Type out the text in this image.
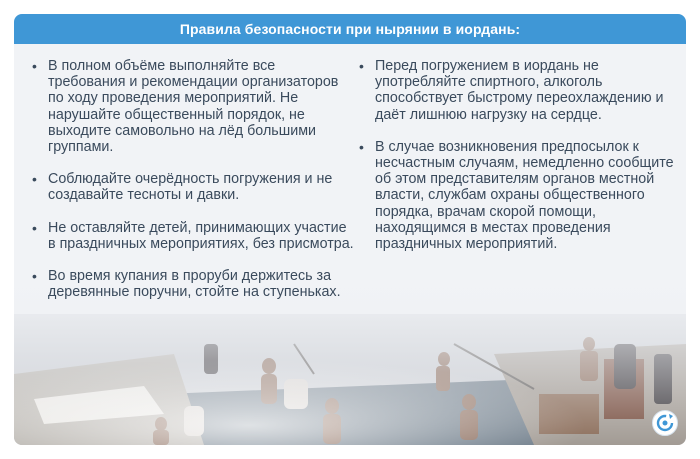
Правила безопасности при нырянии в иордань:
• В полном объёме выполняйте все требования и рекомендации организаторов по ходу проведения мероприятий. Не нарушайте общественный порядок, не выходите самовольно на лёд большими группами.
• Соблюдайте очерёдность погружения и не создавайте тесноты и давки.
• Не оставляйте детей, принимающих участие в праздничных мероприятиях, без присмотра.
• Во время купания в проруби держитесь за деревянные поручни, стойте на ступеньках.
• Перед погружением в иордань не употребляйте спиртного, алкоголь способствует быстрому переохлаждению и даёт лишнюю нагрузку на сердце.
• В случае возникновения предпосылок к несчастным случаям, немедленно сообщите об этом представителям органов местной власти, службам охраны общественного порядка, врачам скорой помощи, находящимся в местах проведения праздничных мероприятий.
